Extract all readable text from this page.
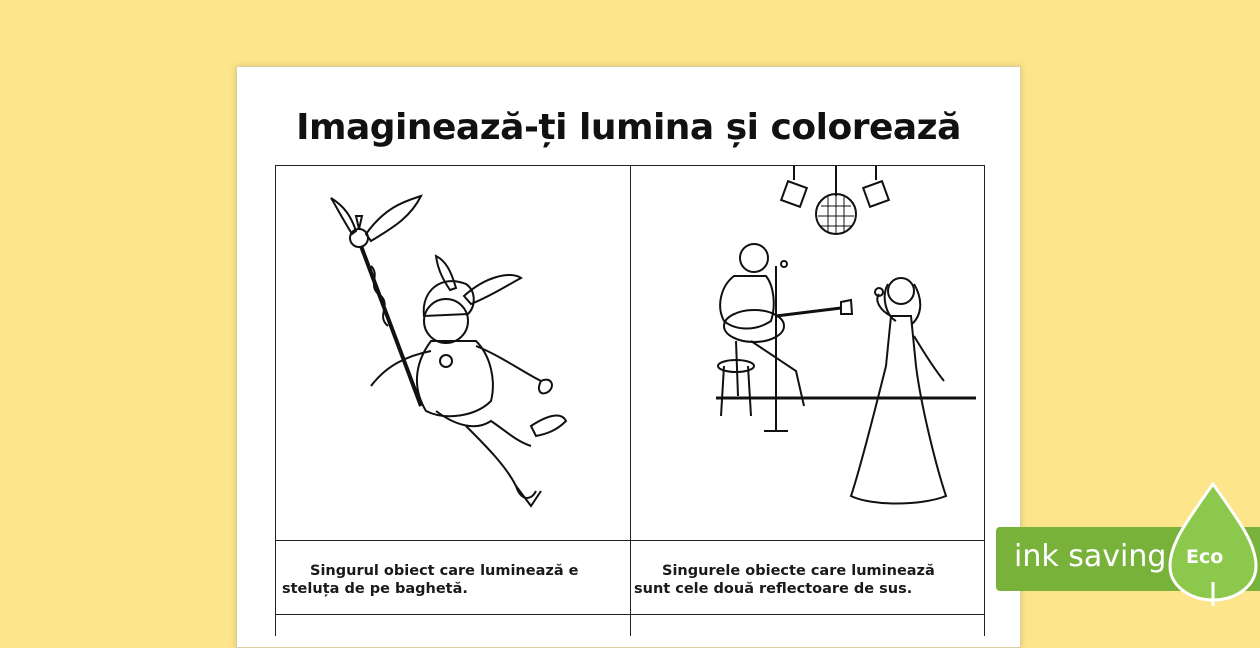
Imaginează-ți lumina și colorează
Singurul obiect care luminează e
steluța de pe baghetă.
Singurele obiecte care luminează
sunt cele două reflectoare de sus.
ink saving Eco
